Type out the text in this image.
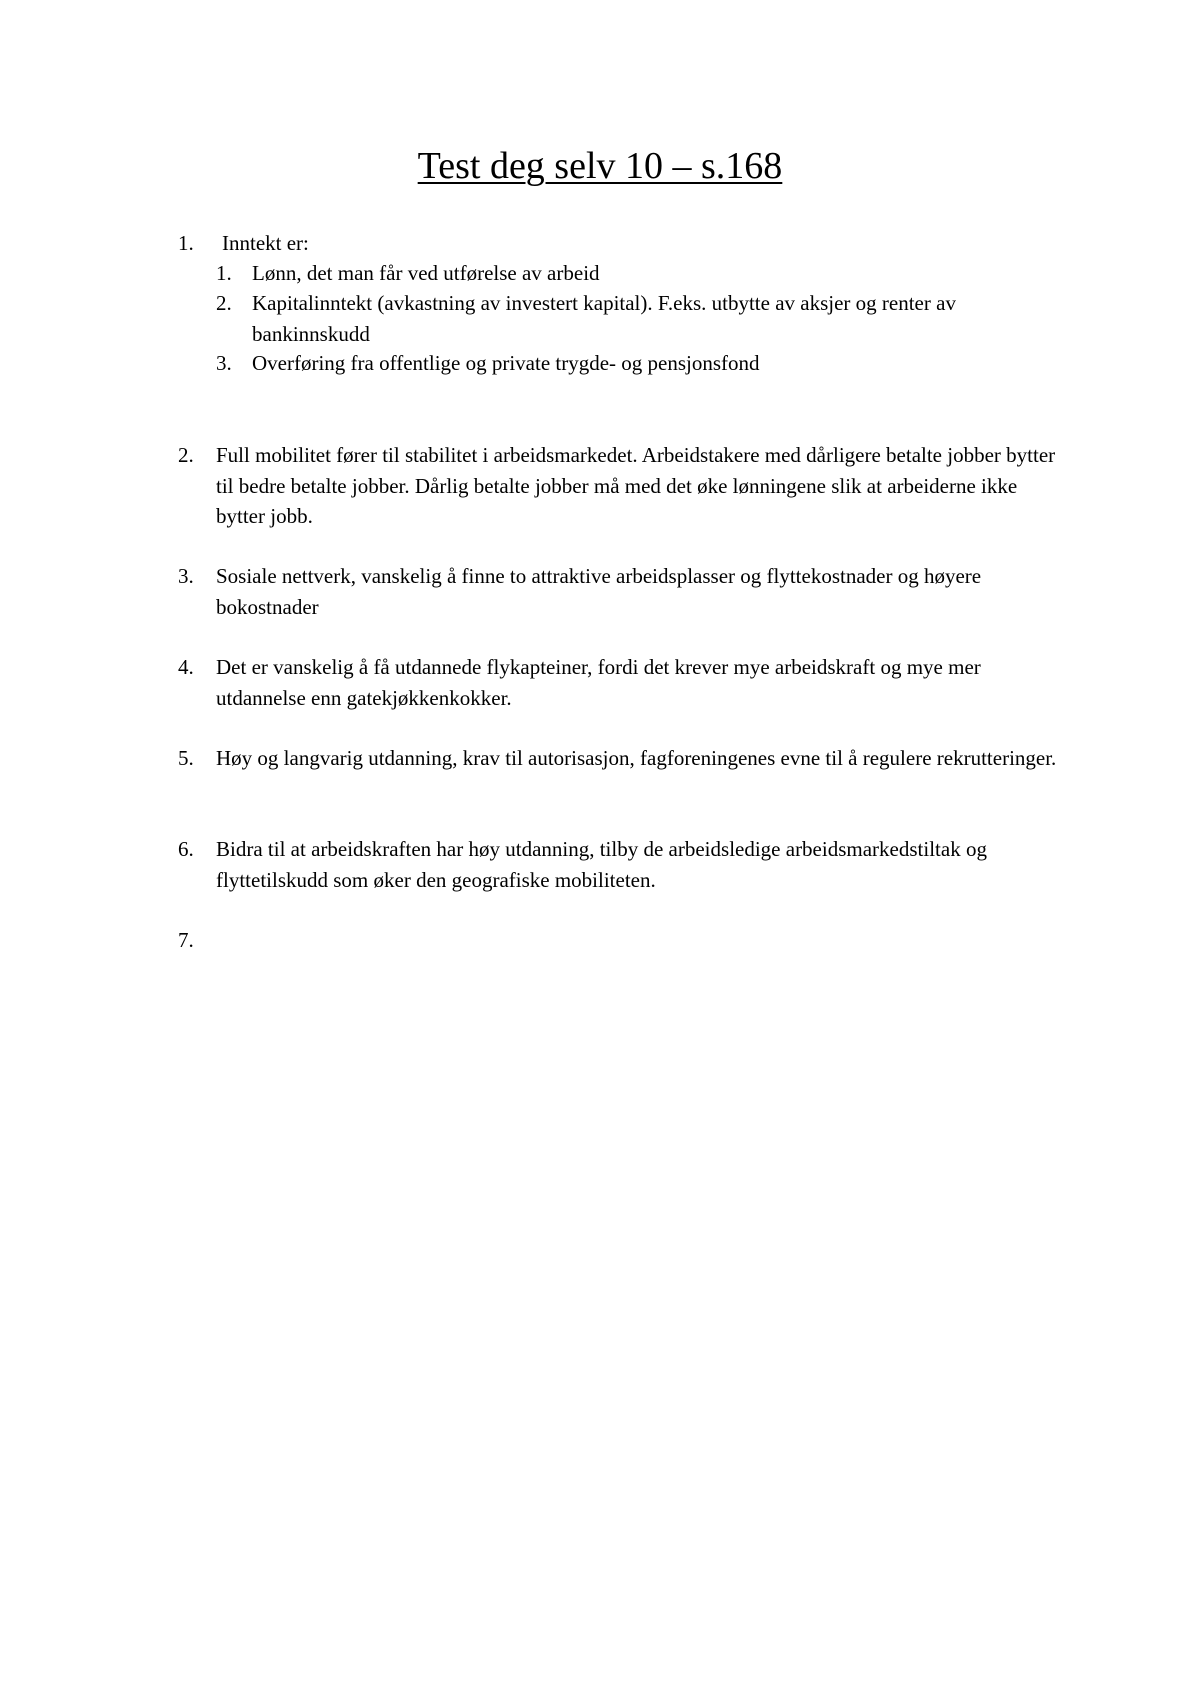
Test deg selv 10 – s.168
1.	Inntekt er:
1. Lønn, det man får ved utførelse av arbeid
2. Kapitalinntekt (avkastning av investert kapital). F.eks. utbytte av aksjer og renter av bankinnskudd
3. Overføring fra offentlige og private trygde- og pensjonsfond
2.	Full mobilitet fører til stabilitet i arbeidsmarkedet. Arbeidstakere med dårligere betalte jobber bytter til bedre betalte jobber. Dårlig betalte jobber må med det øke lønningene slik at arbeiderne ikke bytter jobb.
3.	Sosiale nettverk, vanskelig å finne to attraktive arbeidsplasser og flyttekostnader og høyere bokostnader
4.	Det er vanskelig å få utdannede flykapteiner, fordi det krever mye arbeidskraft og mye mer utdannelse enn gatekjøkkenkokker.
5.	Høy og langvarig utdanning, krav til autorisasjon, fagforeningenes evne til å regulere rekrutteringer.
6.	Bidra til at arbeidskraften har høy utdanning, tilby de arbeidsledige arbeidsmarkedstiltak og flyttetilskudd som øker den geografiske mobiliteten.
7.
